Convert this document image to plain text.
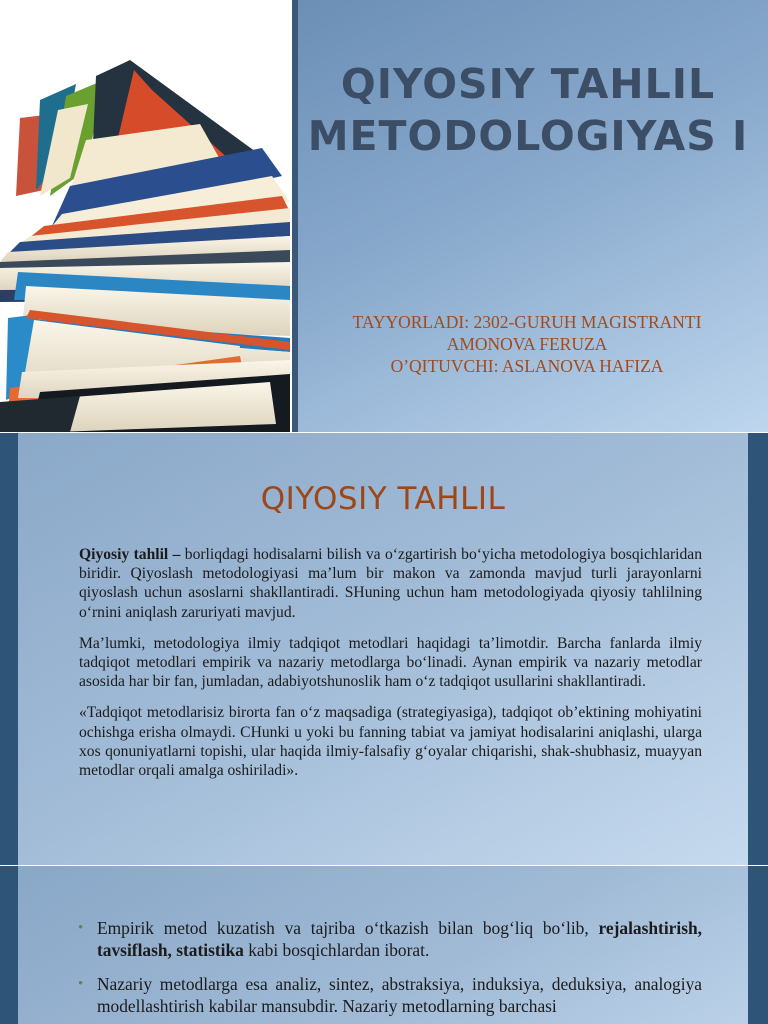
QIYOSIY TAHLIL METODOLOGIYAS I
TAYYORLADI: 2302-GURUH MAGISTRANTI
AMONOVA FERUZA
O’QITUVCHI: ASLANOVA HAFIZA
QIYOSIY TAHLIL

Qiyosiy tahlil – borliqdagi hodisalarni bilish va o‘zgartirish bo‘yicha metodologiya bosqichlaridan biridir. Qiyoslash metodologiyasi ma’lum bir makon va zamonda mavjud turli jarayonlarni qiyoslash uchun asoslarni shakllantiradi. SHuning uchun ham metodologiyada qiyosiy tahlilning o‘rnini aniqlash zaruriyati mavjud.

Ma’lumki, metodologiya ilmiy tadqiqot metodlari haqidagi ta’limotdir. Barcha fanlarda ilmiy tadqiqot metodlari empirik va nazariy metodlarga bo‘linadi. Aynan empirik va nazariy metodlar asosida har bir fan, jumladan, adabiyotshunoslik ham o‘z tadqiqot usullarini shakllantiradi.

«Tadqiqot metodlarisiz birorta fan o‘z maqsadiga (strategiyasiga), tadqiqot ob’ektining mohiyatini ochishga erisha olmaydi. CHunki u yoki bu fanning tabiat va jamiyat hodisalarini aniqlashi, ularga xos qonuniyatlarni topishi, ular haqida ilmiy-falsafiy g‘oyalar chiqarishi, shak-shubhasiz, muayyan metodlar orqali amalga oshiriladi».

• Empirik metod kuzatish va tajriba o‘tkazish bilan bog‘liq bo‘lib, rejalashtirish, tavsiflash, statistika kabi bosqichlardan iborat.
• Nazariy metodlarga esa analiz, sintez, abstraksiya, induksiya, deduksiya, analogiya modellashtirish kabilar mansubdir. Nazariy metodlarning barchasi
